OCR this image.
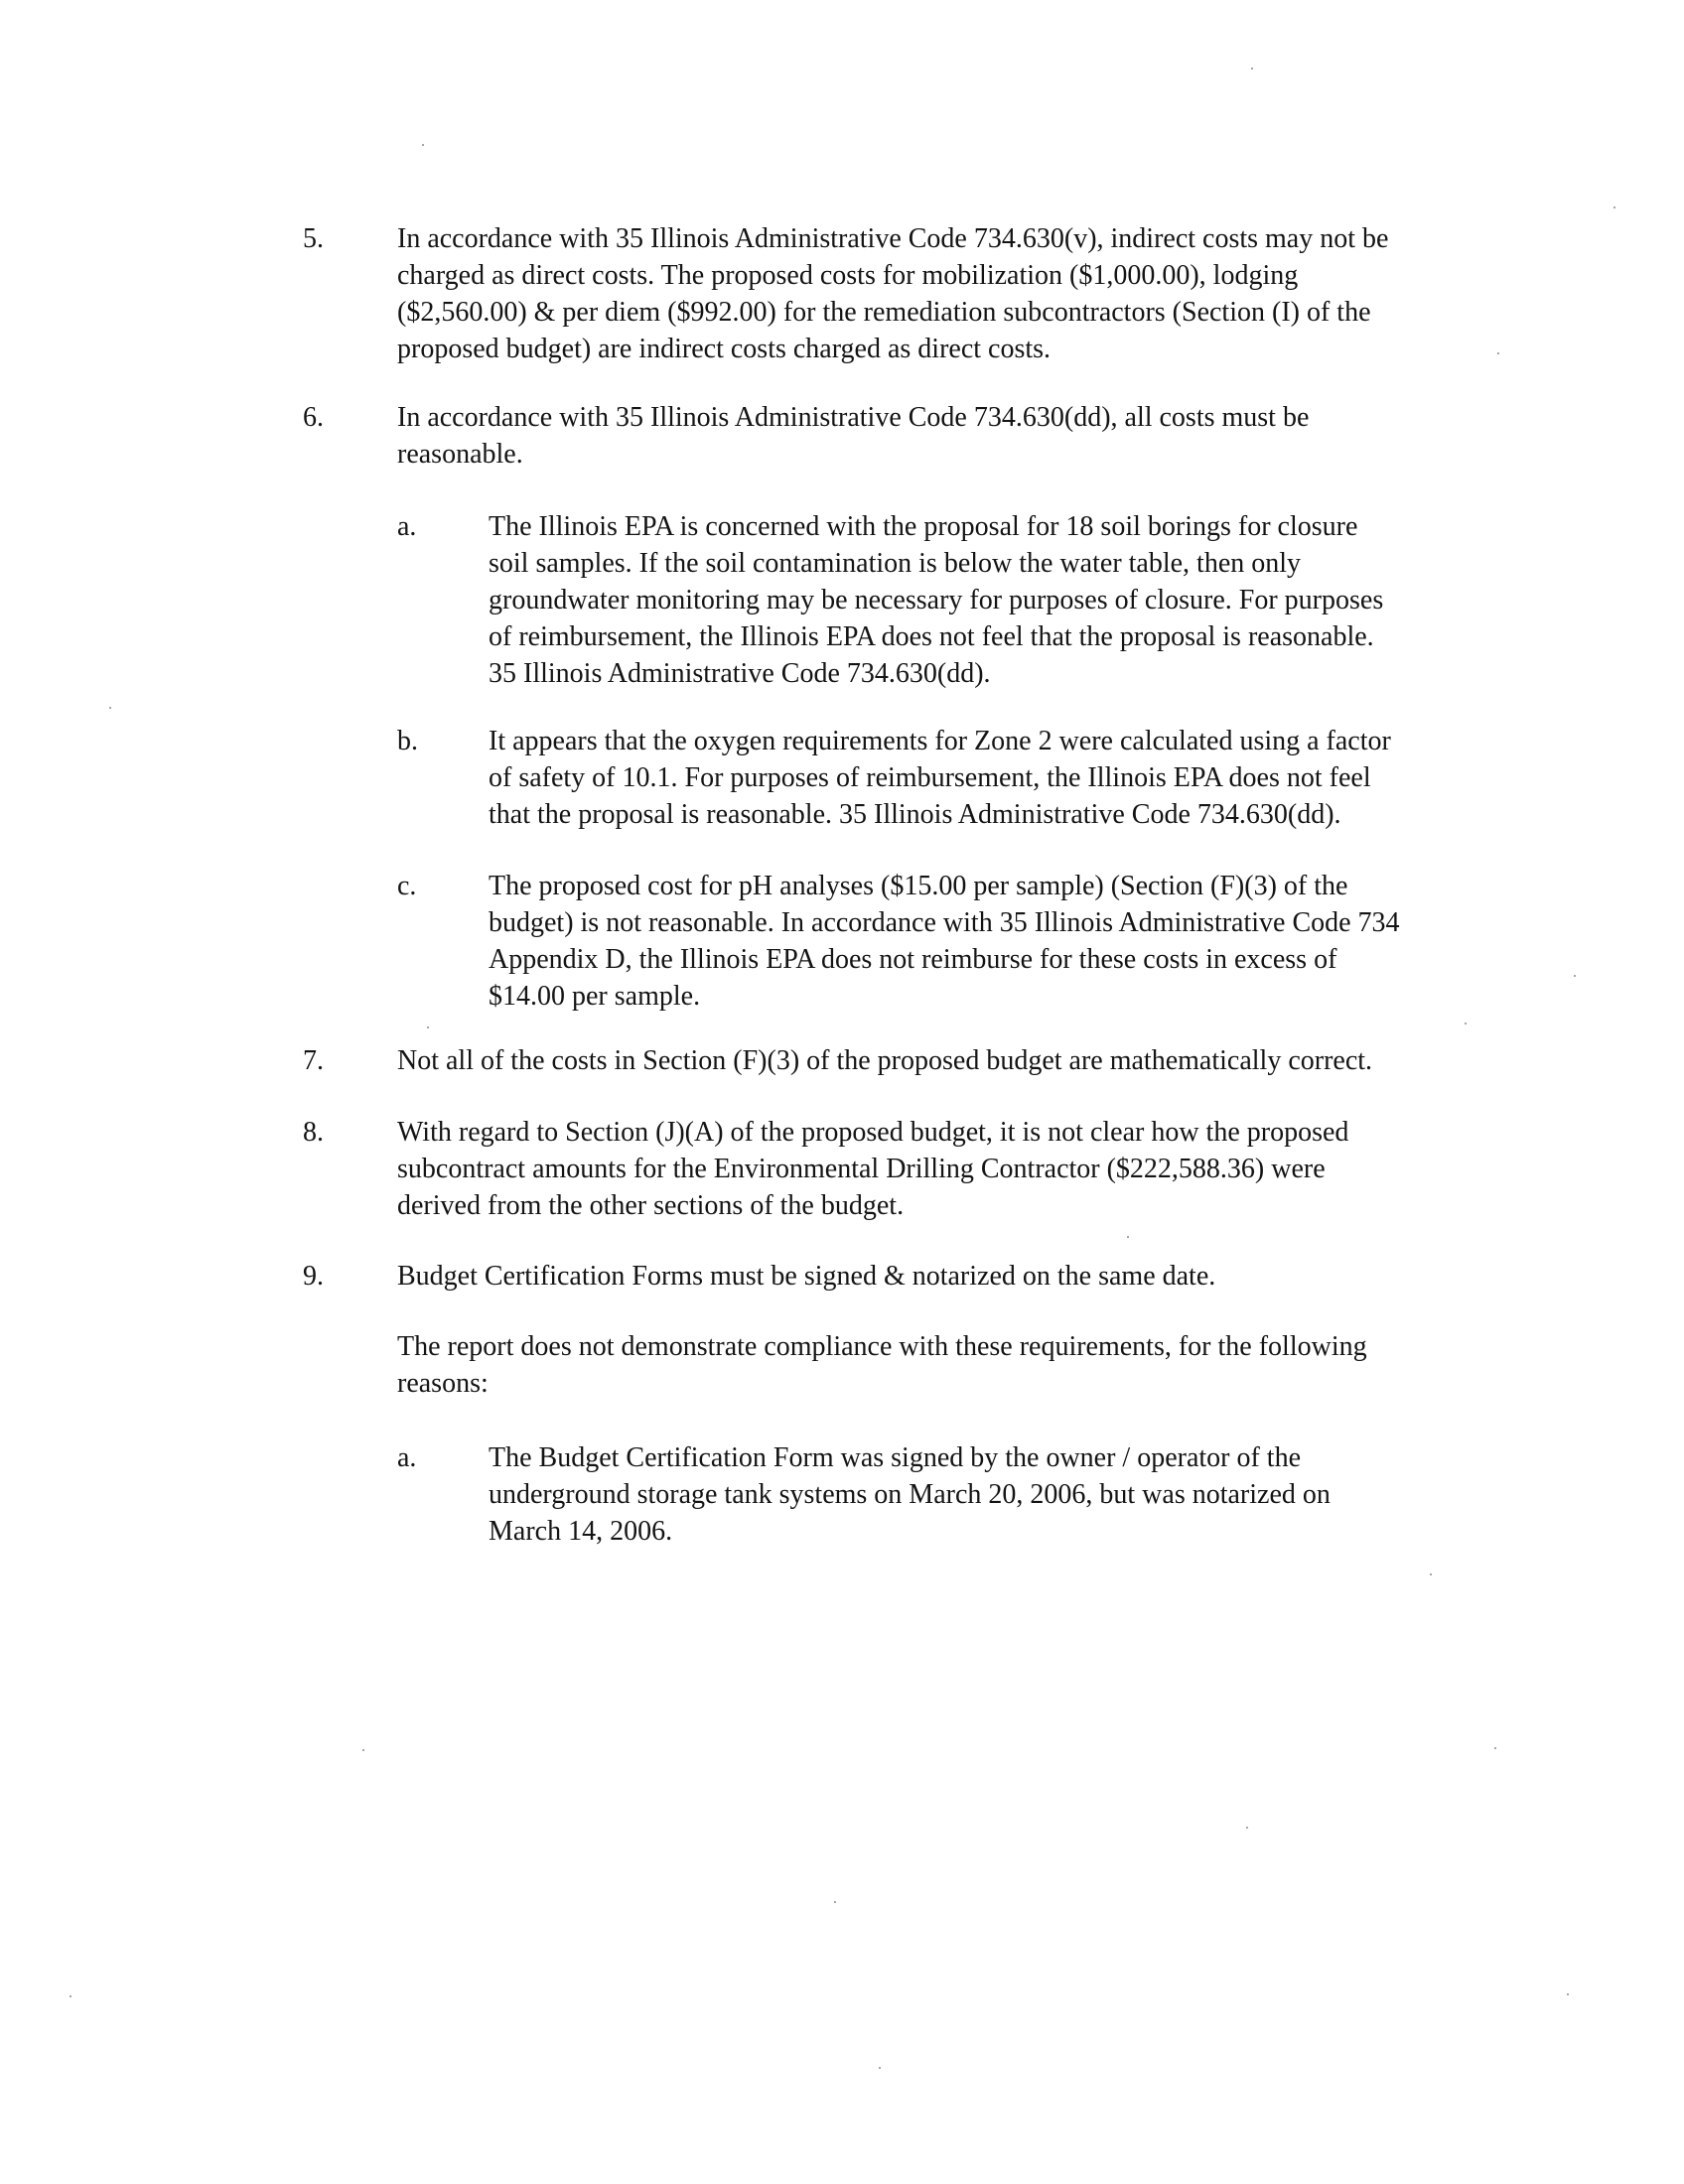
5.	In accordance with 35 Illinois Administrative Code 734.630(v), indirect costs may not be
charged as direct costs. The proposed costs for mobilization ($1,000.00), lodging
($2,560.00) & per diem ($992.00) for the remediation subcontractors (Section (I) of the
proposed budget) are indirect costs charged as direct costs.
6.	In accordance with 35 Illinois Administrative Code 734.630(dd), all costs must be
reasonable.
a.	The Illinois EPA is concerned with the proposal for 18 soil borings for closure
soil samples. If the soil contamination is below the water table, then only
groundwater monitoring may be necessary for purposes of closure. For purposes
of reimbursement, the Illinois EPA does not feel that the proposal is reasonable.
35 Illinois Administrative Code 734.630(dd).
b.	It appears that the oxygen requirements for Zone 2 were calculated using a factor
of safety of 10.1. For purposes of reimbursement, the Illinois EPA does not feel
that the proposal is reasonable. 35 Illinois Administrative Code 734.630(dd).
c.	The proposed cost for pH analyses ($15.00 per sample) (Section (F)(3) of the
budget) is not reasonable. In accordance with 35 Illinois Administrative Code 734
Appendix D, the Illinois EPA does not reimburse for these costs in excess of
$14.00 per sample.
7.	Not all of the costs in Section (F)(3) of the proposed budget are mathematically correct.
8.	With regard to Section (J)(A) of the proposed budget, it is not clear how the proposed
subcontract amounts for the Environmental Drilling Contractor ($222,588.36) were
derived from the other sections of the budget.
9.	Budget Certification Forms must be signed & notarized on the same date.
The report does not demonstrate compliance with these requirements, for the following
reasons:
a.	The Budget Certification Form was signed by the owner / operator of the
underground storage tank systems on March 20, 2006, but was notarized on
March 14, 2006.
